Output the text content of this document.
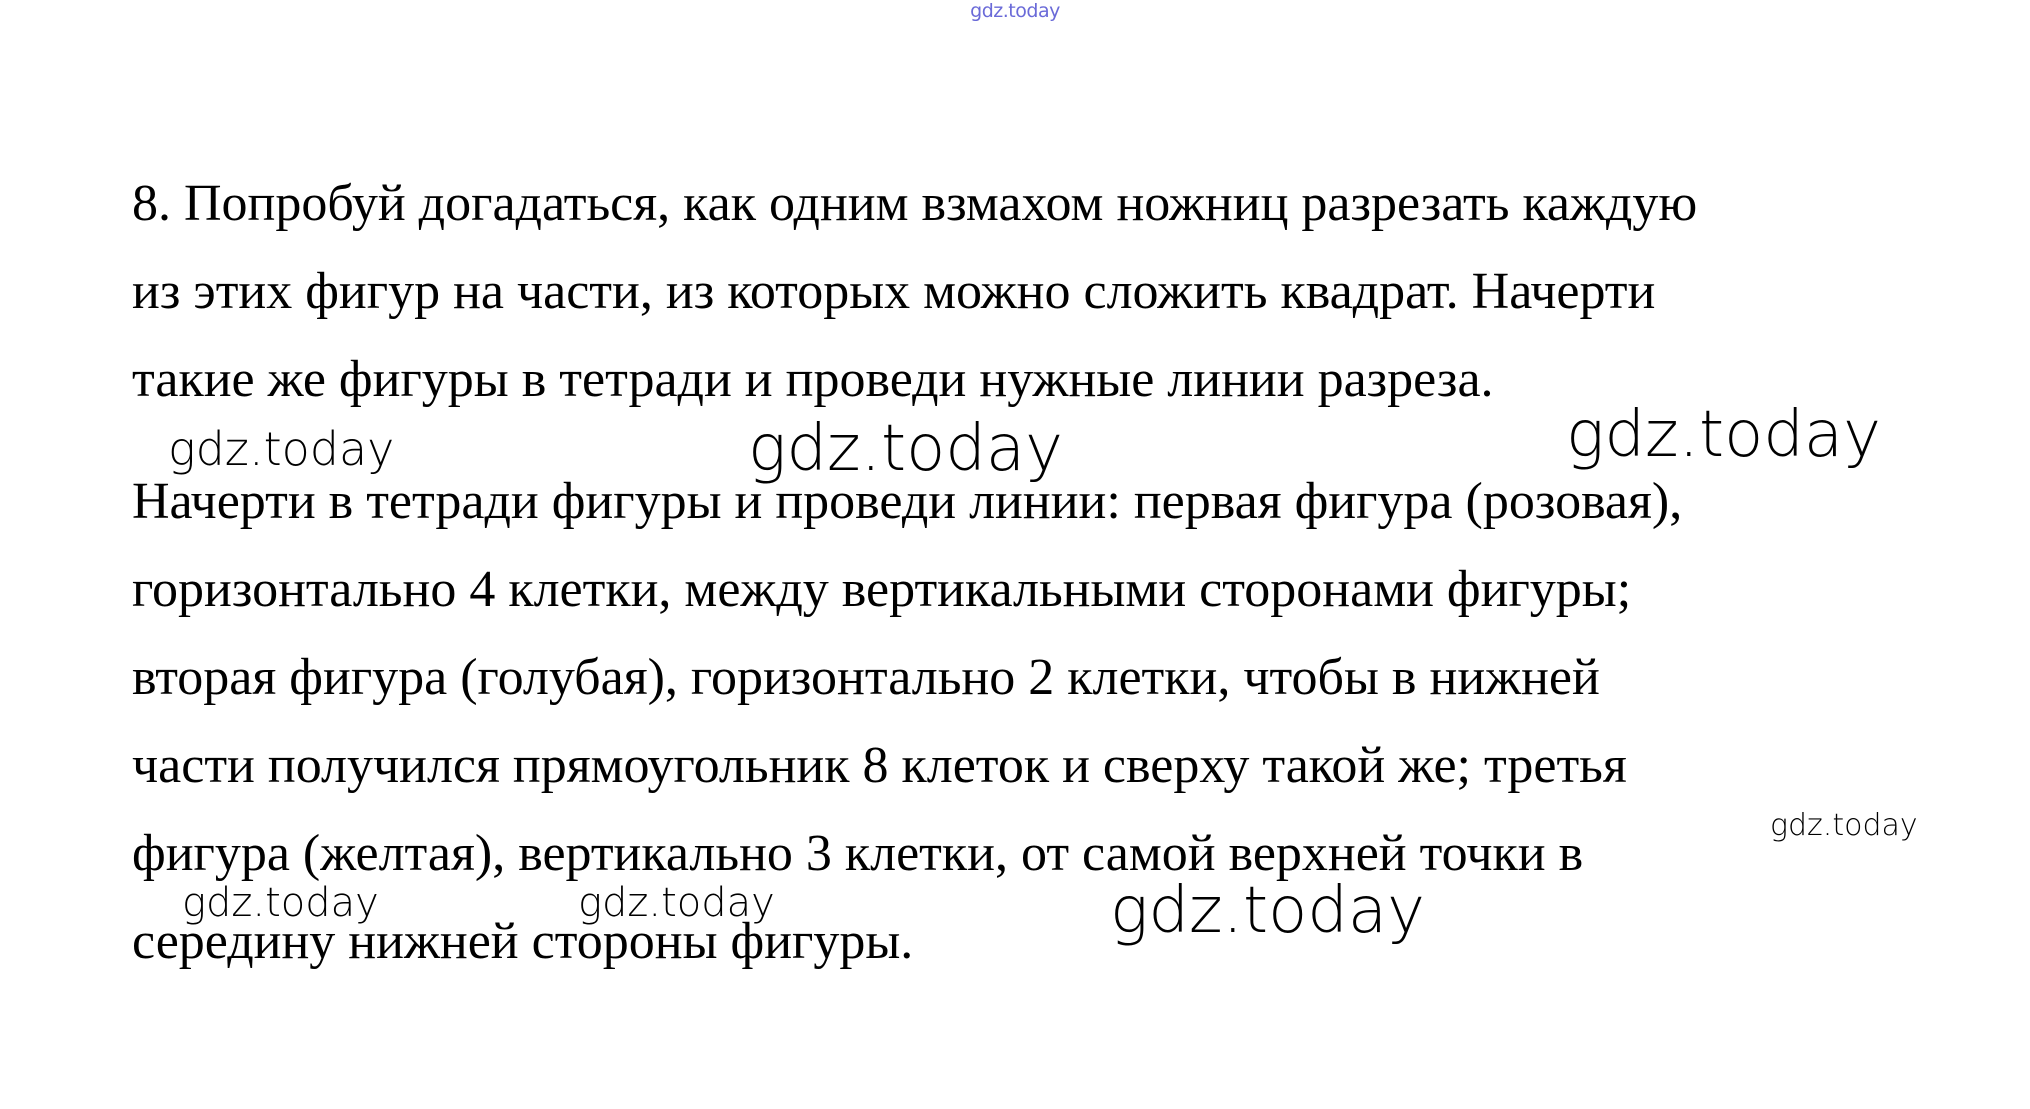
gdz.today
8. Попробуй догадаться, как одним взмахом ножниц разрезать каждую
из этих фигур на части, из которых можно сложить квадрат. Начерти
такие же фигуры в тетради и проведи нужные линии разреза.
Начерти в тетради фигуры и проведи линии: первая фигура (розовая),
горизонтально 4 клетки, между вертикальными сторонами фигуры;
вторая фигура (голубая), горизонтально 2 клетки, чтобы в нижней
части получился прямоугольник 8 клеток и сверху такой же; третья
фигура (желтая), вертикально 3 клетки, от самой верхней точки в
середину нижней стороны фигуры.
gdz.today	gdz.today	gdz.today
gdz.today
gdz.today	gdz.today	gdz.today
